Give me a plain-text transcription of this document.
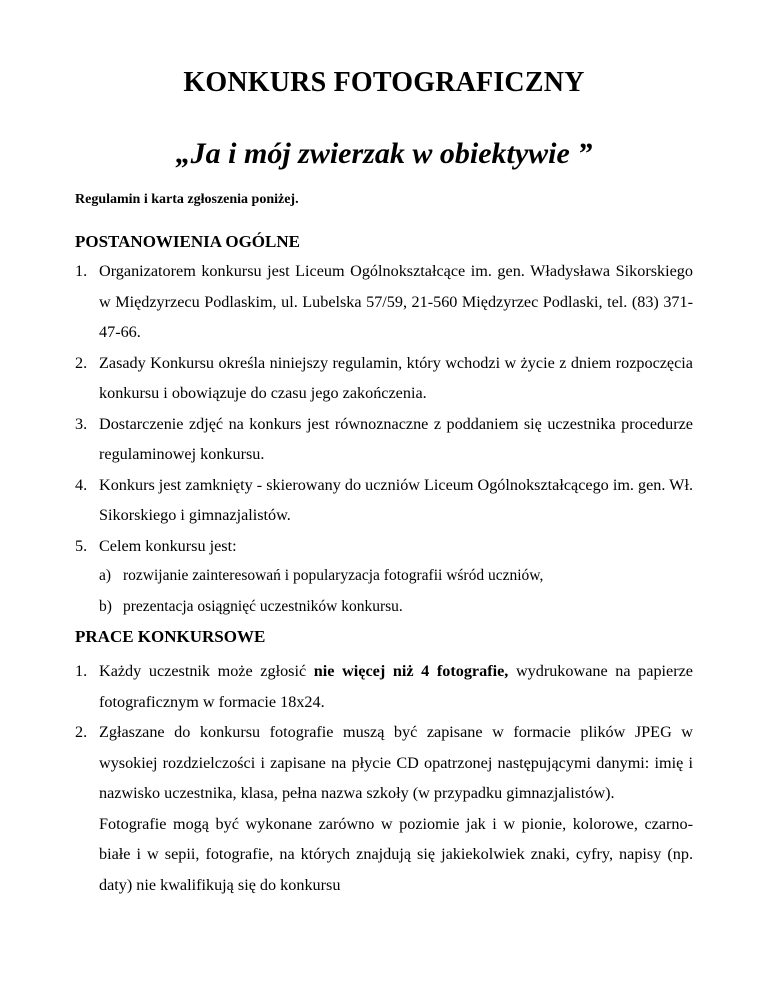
KONKURS FOTOGRAFICZNY
„Ja i mój zwierzak w obiektywie ”
Regulamin i karta zgłoszenia poniżej.
POSTANOWIENIA OGÓLNE
1. Organizatorem konkursu jest Liceum Ogólnokształcące im. gen. Władysława Sikorskiego w Międzyrzecu Podlaskim, ul. Lubelska 57/59, 21-560 Międzyrzec Podlaski, tel. (83) 371-47-66.
2. Zasady Konkursu określa niniejszy regulamin, który wchodzi w życie z dniem rozpoczęcia konkursu i obowiązuje do czasu jego zakończenia.
3. Dostarczenie zdjęć na konkurs jest równoznaczne z poddaniem się uczestnika procedurze regulaminowej konkursu.
4. Konkurs jest zamknięty - skierowany do uczniów Liceum Ogólnokształcącego im. gen. Wł. Sikorskiego i gimnazjalistów.
5. Celem konkursu jest:
a) rozwijanie zainteresowań i popularyzacja fotografii wśród uczniów,
b) prezentacja osiągnięć uczestników konkursu.
PRACE KONKURSOWE
1. Każdy uczestnik może zgłosić nie więcej niż 4 fotografie, wydrukowane na papierze fotograficznym w formacie 18x24.
2. Zgłaszane do konkursu fotografie muszą być zapisane w formacie plików JPEG w wysokiej rozdzielczości i zapisane na płycie CD opatrzonej następującymi danymi: imię i nazwisko uczestnika, klasa, pełna nazwa szkoły (w przypadku gimnazjalistów).
Fotografie mogą być wykonane zarówno w poziomie jak i w pionie, kolorowe, czarno-białe i w sepii, fotografie, na których znajdują się jakiekolwiek znaki, cyfry, napisy (np. daty) nie kwalifikują się do konkursu
